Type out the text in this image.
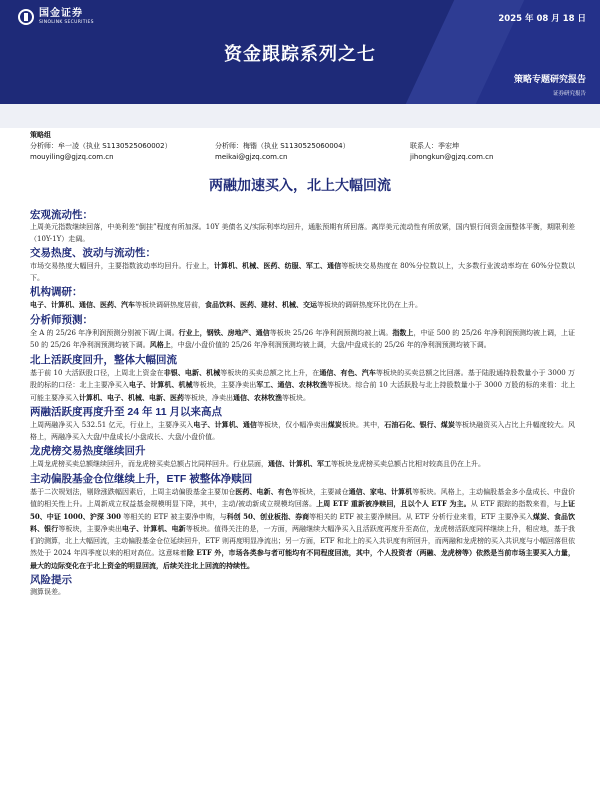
国金证券
SINOLINK SECURITIES	2025 年 08 月 18 日
资金跟踪系列之七
策略专题研究报告
证券研究报告
策略组
分析师：牟一凌（执业 S1130525060002）
mouyiling@gjzq.com.cn
分析师：梅锴（执业 S1130525060004）
meikai@gjzq.com.cn
联系人：季宏坤
jihongkun@gjzq.com.cn
两融加速买入，北上大幅回流
宏观流动性：
上周美元指数继续回落，中美利差“倒挂”程度有所加深。10Y 美债名义/实际利率均回升，通胀预期有所回落。离岸美元流动性有所放紧，国内银行间资金面整体平衡，期限利差（10Y-1Y）走阔。
交易热度、波动与流动性：
市场交易热度大幅回升，主要指数波动率均回升。行业上，计算机、机械、医药、纺服、军工、通信等板块交易热度在 80%分位数以上，大多数行业波动率均在 60%分位数以下。
机构调研：
电子、计算机、通信、医药、汽车等板块调研热度居前，食品饮料、医药、建材、机械、交运等板块的调研热度环比仍在上升。
分析师预测：
全 A 的 25/26 年净利润预测分别被下调/上调。行业上，钢铁、房地产、通信等板块 25/26 年净利润预测均被上调。指数上，中证 500 的 25/26 年净利润预测均被上调，上证 50 的 25/26 年净利润预测均被下调。风格上，中盘/小盘价值的 25/26 年净利润预测均被上调，大盘/中盘成长的 25/26 年的净利润预测均被下调。
北上活跃度回升，整体大幅回流
基于前 10 大活跃股口径，上周北上资金在非银、电新、机械等板块的买卖总额之比上升，在通信、有色、汽车等板块的买卖总额之比回落。基于陆股通持股数量小于 3000 万股的标的口径：北上主要净买入电子、计算机、机械等板块，主要净卖出军工、通信、农林牧渔等板块。综合前 10 大活跃股与北上持股数量小于 3000 万股的标的来看：北上可能主要净买入计算机、电子、机械、电新、医药等板块，净卖出通信、农林牧渔等板块。
两融活跃度再度升至 24 年 11 月以来高点
上周两融净买入 532.51 亿元，行业上，主要净买入电子、计算机、通信等板块，仅小幅净卖出煤炭板块。其中，石油石化、银行、煤炭等板块融资买入占比上升幅度较大。风格上，两融净买入大盘/中盘成长/小盘成长、大盘/小盘价值。
龙虎榜交易热度继续回升
上周龙虎榜买卖总额继续回升，而龙虎榜买卖总额占比同样回升。行业层面，通信、计算机、军工等板块龙虎榜买卖总额占比相对较高且仍在上升。
主动偏股基金仓位继续上升，ETF 被整体净赎回
基于二次规划法，剔除涨跌幅因素后，上周主动偏股基金主要加仓医药、电新、有色等板块，主要减仓通信、家电、计算机等板块。风格上，主动偏股基金多小盘成长、中盘价值的相关性上升。上周新成立权益基金规模明显下降，其中，主动/被动新成立规模均回落。上周 ETF 重新被净赎回，且以个人 ETF 为主。从 ETF 跟踪的指数来看，与上证 50、中证 1000、沪深 300 等相关的 ETF 被主要净申购，与科创 50、创业板指、券商等相关的 ETF 被主要净赎回。从 ETF 分析行业来看，ETF 主要净买入煤炭、食品饮料、银行等板块，主要净卖出电子、计算机、电新等板块。值得关注的是，一方面，两融继续大幅净买入且活跃度再度升至高位，龙虎榜活跃度同样继续上升，相应地，基于我们的测算，北上大幅回流，主动偏股基金仓位延续回升，ETF 则再度明显净流出；另一方面，ETF 和北上的买入共识度有所回升，而两融和龙虎榜的买入共识度与小幅回落但依然处于 2024 年四季度以来的相对高位。这意味着除 ETF 外，市场各类参与者可能均有不同程度回流，其中，个人投资者（两融、龙虎榜等）依然是当前市场主要买入力量，最大的边际变化在于北上资金的明显回流，后续关注北上回流的持续性。
风险提示
测算误差。
